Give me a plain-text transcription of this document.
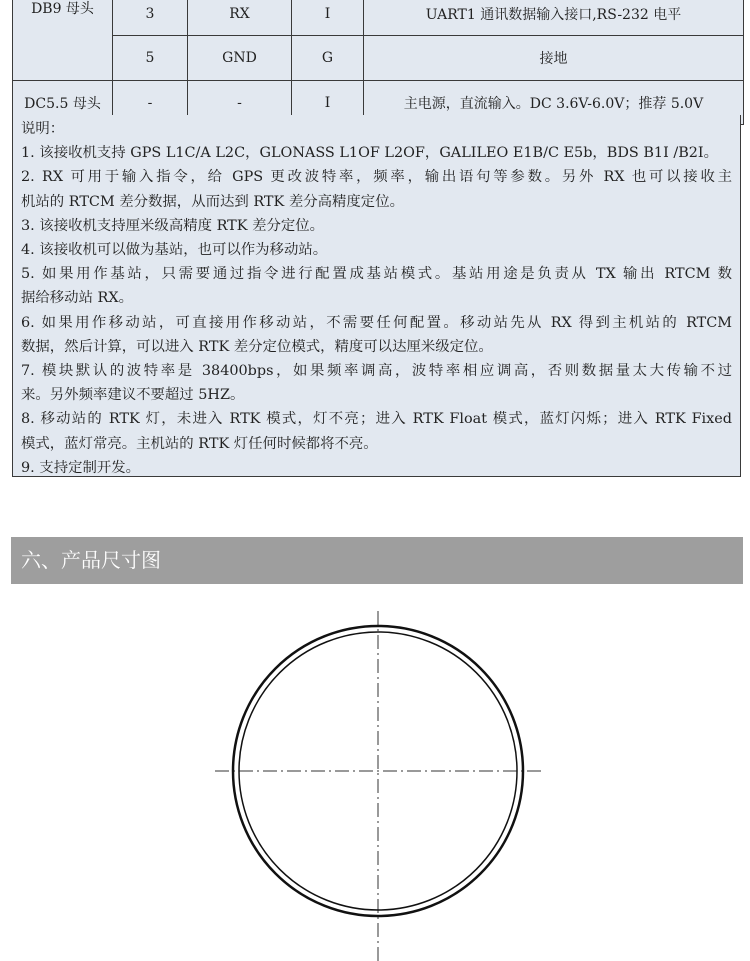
DB9 母头	3	RX	I	UART1 通讯数据输入接口,RS-232 电平
	5	GND	G	接地
DC5.5 母头	-	-	I	主电源，直流输入。DC 3.6V-6.0V；推荐 5.0V
说明：
1. 该接收机支持 GPS L1C/A L2C，GLONASS L1OF L2OF，GALILEO E1B/C E5b，BDS B1I /B2I。
2. RX 可用于输入指令，给 GPS 更改波特率，频率，输出语句等参数。另外 RX 也可以接收主
机站的 RTCM 差分数据，从而达到 RTK 差分高精度定位。
3. 该接收机支持厘米级高精度 RTK 差分定位。
4. 该接收机可以做为基站，也可以作为移动站。
5. 如果用作基站，只需要通过指令进行配置成基站模式。基站用途是负责从 TX 输出 RTCM 数
据给移动站 RX。
6. 如果用作移动站，可直接用作移动站，不需要任何配置。移动站先从 RX 得到主机站的 RTCM
数据，然后计算，可以进入 RTK 差分定位模式，精度可以达厘米级定位。
7. 模块默认的波特率是 38400bps，如果频率调高，波特率相应调高，否则数据量太大传输不过
来。另外频率建议不要超过 5HZ。
8. 移动站的 RTK 灯，未进入 RTK 模式，灯不亮；进入 RTK Float 模式，蓝灯闪烁；进入 RTK Fixed
模式，蓝灯常亮。主机站的 RTK 灯任何时候都将不亮。
9. 支持定制开发。
六、产品尺寸图
